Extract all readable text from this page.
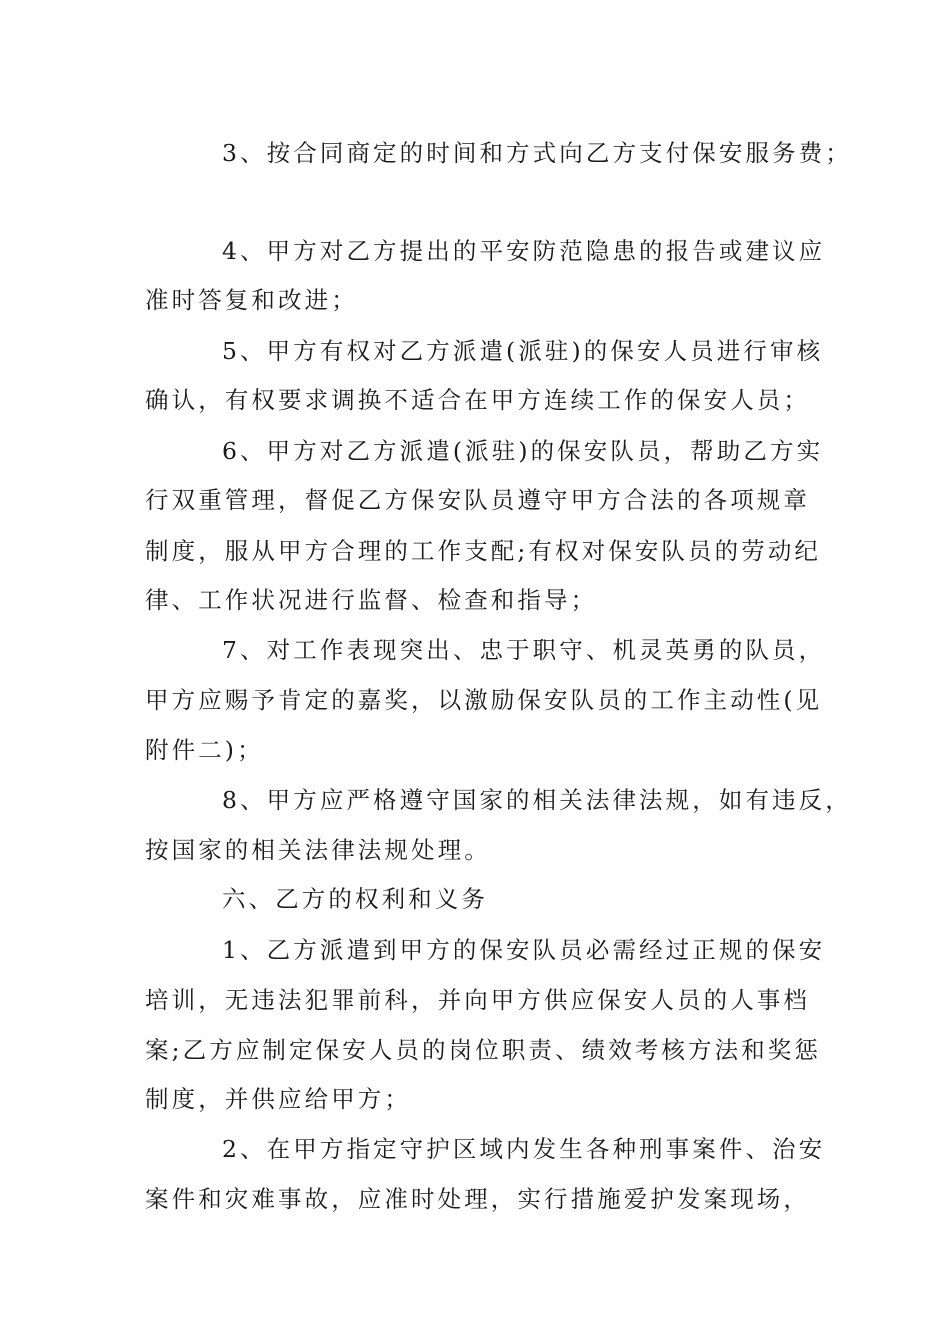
3、按合同商定的时间和方式向乙方支付保安服务费；
4、甲方对乙方提出的平安防范隐患的报告或建议应
准时答复和改进；
5、甲方有权对乙方派遣(派驻)的保安人员进行审核
确认，有权要求调换不适合在甲方连续工作的保安人员；
6、甲方对乙方派遣(派驻)的保安队员，帮助乙方实
行双重管理，督促乙方保安队员遵守甲方合法的各项规章
制度，服从甲方合理的工作支配;有权对保安队员的劳动纪
律、工作状况进行监督、检查和指导；
7、对工作表现突出、忠于职守、机灵英勇的队员，
甲方应赐予肯定的嘉奖，以激励保安队员的工作主动性(见
附件二)；
8、甲方应严格遵守国家的相关法律法规，如有违反，
按国家的相关法律法规处理。
六、乙方的权利和义务
1、乙方派遣到甲方的保安队员必需经过正规的保安
培训，无违法犯罪前科，并向甲方供应保安人员的人事档
案;乙方应制定保安人员的岗位职责、绩效考核方法和奖惩
制度，并供应给甲方；
2、在甲方指定守护区域内发生各种刑事案件、治安
案件和灾难事故，应准时处理，实行措施爱护发案现场，
